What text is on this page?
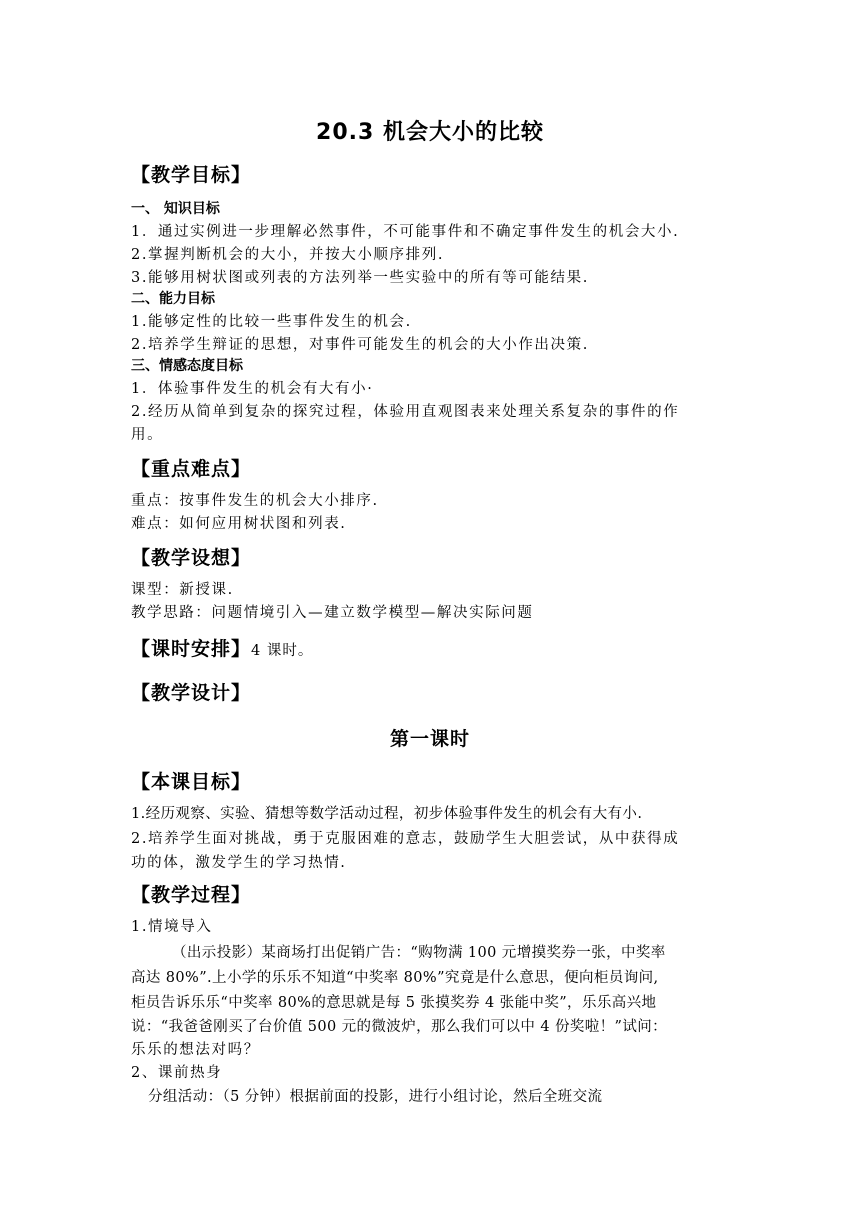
20.3 机会大小的比较
【教学目标】
一、 知识目标
1．通过实例进一步理解必然事件，不可能事件和不确定事件发生的机会大小.
2.掌握判断机会的大小，并按大小顺序排列.
3.能够用树状图或列表的方法列举一些实验中的所有等可能结果.
二、能力目标
1.能够定性的比较一些事件发生的机会.
2.培养学生辩证的思想，对事件可能发生的机会的大小作出决策.
三、情感态度目标
1．体验事件发生的机会有大有小·
2.经历从简单到复杂的探究过程，体验用直观图表来处理关系复杂的事件的作
用。
【重点难点】
重点：按事件发生的机会大小排序.
难点：如何应用树状图和列表.
【教学设想】
课型：新授课.
教学思路：问题情境引入—建立数学模型—解决实际问题
【课时安排】4 课时。
【教学设计】
第一课时
【本课目标】
1.经历观察、实验、猜想等数学活动过程，初步体验事件发生的机会有大有小.
2.培养学生面对挑战，勇于克服困难的意志，鼓励学生大胆尝试，从中获得成
功的体，激发学生的学习热情.
【教学过程】
1.情境导入
（出示投影）某商场打出促销广告：“购物满 100 元增摸奖券一张，中奖率
高达 80%”.上小学的乐乐不知道“中奖率 80%”究竟是什么意思，便向柜员询问,
柜员告诉乐乐“中奖率 80%的意思就是每 5 张摸奖券 4 张能中奖”，乐乐高兴地
说：“我爸爸刚买了台价值 500 元的微波炉，那么我们可以中 4 份奖啦！”试问：
乐乐的想法对吗？
2、课前热身
分组活动：（5 分钟）根据前面的投影，进行小组讨论，然后全班交流
